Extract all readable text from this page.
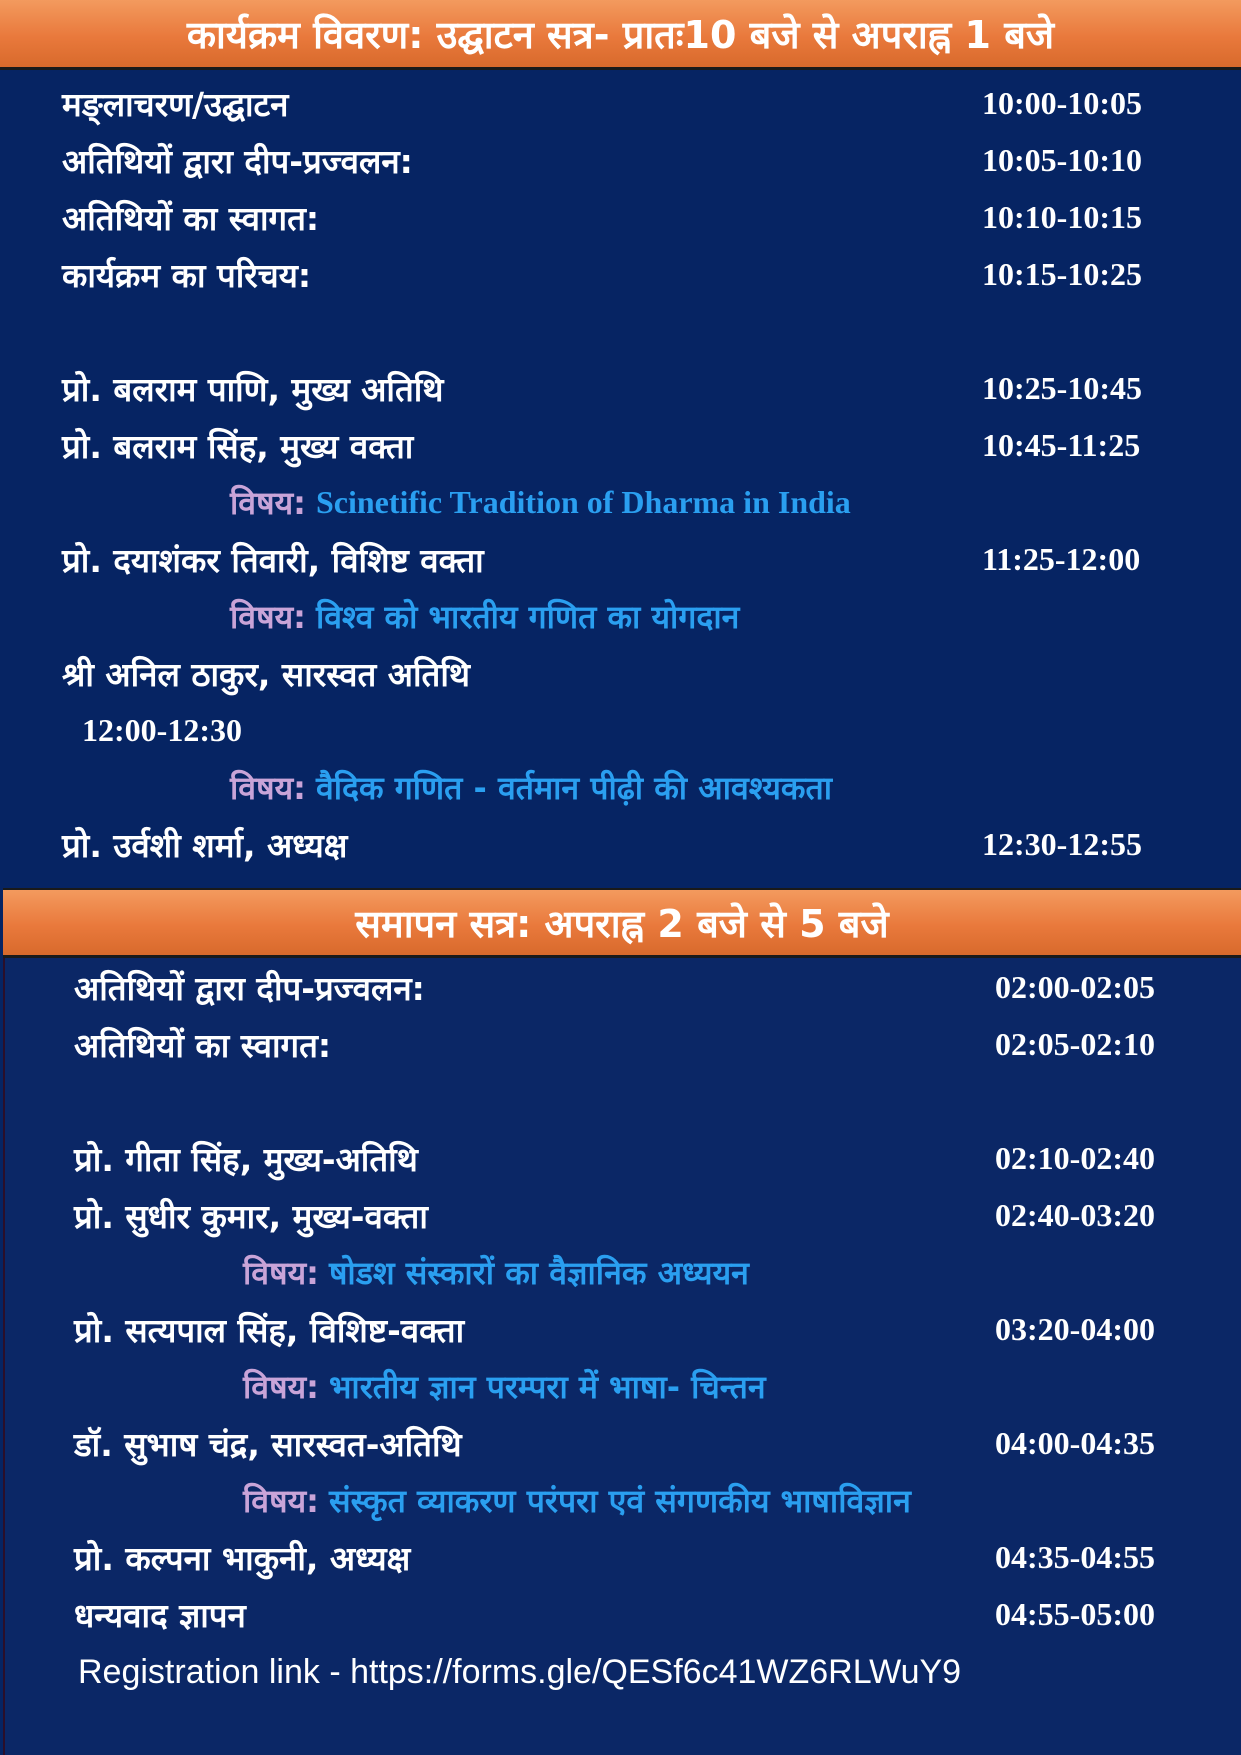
कार्यक्रम विवरण: उद्घाटन सत्र- प्रातः10 बजे से अपराह्न 1 बजे
मङ्लाचरण/उद्घाटन	10:00-10:05
अतिथियों द्वारा दीप-प्रज्वलन:	10:05-10:10
अतिथियों का स्वागत:	10:10-10:15
कार्यक्रम का परिचय:	10:15-10:25
प्रो. बलराम पाणि, मुख्य अतिथि	10:25-10:45
प्रो. बलराम सिंह, मुख्य वक्ता	10:45-11:25
विषय: Scinetific Tradition of Dharma in India
प्रो. दयाशंकर तिवारी, विशिष्ट वक्ता	11:25-12:00
विषय: विश्व को भारतीय गणित का योगदान
श्री अनिल ठाकुर, सारस्वत अतिथि
12:00-12:30
विषय: वैदिक गणित - वर्तमान पीढ़ी की आवश्यकता
प्रो. उर्वशी शर्मा, अध्यक्ष	12:30-12:55
समापन सत्र: अपराह्न 2 बजे से 5 बजे
अतिथियों द्वारा दीप-प्रज्वलन:	02:00-02:05
अतिथियों का स्वागत:	02:05-02:10
प्रो. गीता सिंह, मुख्य-अतिथि	02:10-02:40
प्रो. सुधीर कुमार, मुख्य-वक्ता	02:40-03:20
विषय: षोडश संस्कारों का वैज्ञानिक अध्ययन
प्रो. सत्यपाल सिंह, विशिष्ट-वक्ता	03:20-04:00
विषय: भारतीय ज्ञान परम्परा में भाषा- चिन्तन
डॉ. सुभाष चंद्र, सारस्वत-अतिथि	04:00-04:35
विषय: संस्कृत व्याकरण परंपरा एवं संगणकीय भाषाविज्ञान
प्रो. कल्पना भाकुनी, अध्यक्ष	04:35-04:55
धन्यवाद ज्ञापन	04:55-05:00
Registration link - https://forms.gle/QESf6c41WZ6RLWuY9
